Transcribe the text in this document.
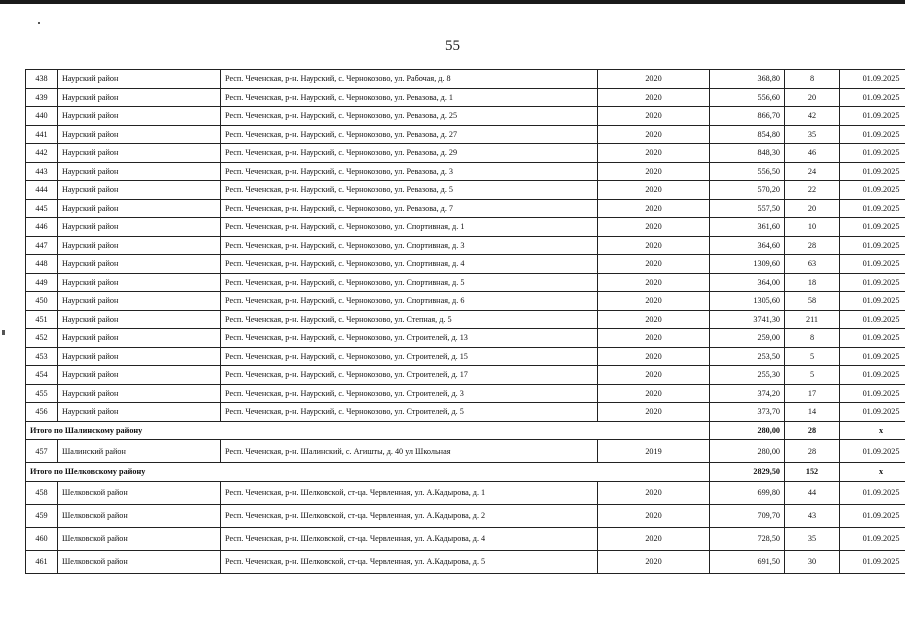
55
438	Наурский район	Респ. Чеченская, р-н. Наурский, с. Чернокозово, ул. Рабочая, д. 8	2020	368,80	8	01.09.2025
439	Наурский район	Респ. Чеченская, р-н. Наурский, с. Чернокозово, ул. Ревазова, д. 1	2020	556,60	20	01.09.2025
440	Наурский район	Респ. Чеченская, р-н. Наурский, с. Чернокозово, ул. Ревазова, д. 25	2020	866,70	42	01.09.2025
441	Наурский район	Респ. Чеченская, р-н. Наурский, с. Чернокозово, ул. Ревазова, д. 27	2020	854,80	35	01.09.2025
442	Наурский район	Респ. Чеченская, р-н. Наурский, с. Чернокозово, ул. Ревазова, д. 29	2020	848,30	46	01.09.2025
443	Наурский район	Респ. Чеченская, р-н. Наурский, с. Чернокозово, ул. Ревазова, д. 3	2020	556,50	24	01.09.2025
444	Наурский район	Респ. Чеченская, р-н. Наурский, с. Чернокозово, ул. Ревазова, д. 5	2020	570,20	22	01.09.2025
445	Наурский район	Респ. Чеченская, р-н. Наурский, с. Чернокозово, ул. Ревазова, д. 7	2020	557,50	20	01.09.2025
446	Наурский район	Респ. Чеченская, р-н. Наурский, с. Чернокозово, ул. Спортивная, д. 1	2020	361,60	10	01.09.2025
447	Наурский район	Респ. Чеченская, р-н. Наурский, с. Чернокозово, ул. Спортивная, д. 3	2020	364,60	28	01.09.2025
448	Наурский район	Респ. Чеченская, р-н. Наурский, с. Чернокозово, ул. Спортивная, д. 4	2020	1309,60	63	01.09.2025
449	Наурский район	Респ. Чеченская, р-н. Наурский, с. Чернокозово, ул. Спортивная, д. 5	2020	364,00	18	01.09.2025
450	Наурский район	Респ. Чеченская, р-н. Наурский, с. Чернокозово, ул. Спортивная, д. 6	2020	1305,60	58	01.09.2025
451	Наурский район	Респ. Чеченская, р-н. Наурский, с. Чернокозово, ул. Степная, д. 5	2020	3741,30	211	01.09.2025
452	Наурский район	Респ. Чеченская, р-н. Наурский, с. Чернокозово, ул. Строителей, д. 13	2020	259,00	8	01.09.2025
453	Наурский район	Респ. Чеченская, р-н. Наурский, с. Чернокозово, ул. Строителей, д. 15	2020	253,50	5	01.09.2025
454	Наурский район	Респ. Чеченская, р-н. Наурский, с. Чернокозово, ул. Строителей, д. 17	2020	255,30	5	01.09.2025
455	Наурский район	Респ. Чеченская, р-н. Наурский, с. Чернокозово, ул. Строителей, д. 3	2020	374,20	17	01.09.2025
456	Наурский район	Респ. Чеченская, р-н. Наурский, с. Чернокозово, ул. Строителей, д. 5	2020	373,70	14	01.09.2025
Итого по Шалинскому району				280,00	28	x
457	Шалинский район	Респ. Чеченская, р-н. Шалинский, с. Агишты, д. 40 ул Школьная	2019	280,00	28	01.09.2025
Итого по Шелковскому району				2829,50	152	x
458	Шелковской район	Респ. Чеченская, р-н. Шелковской, ст-ца. Червленная, ул. А.Кадырова, д. 1	2020	699,80	44	01.09.2025
459	Шелковской район	Респ. Чеченская, р-н. Шелковской, ст-ца. Червленная, ул. А.Кадырова, д. 2	2020	709,70	43	01.09.2025
460	Шелковской район	Респ. Чеченская, р-н. Шелковской, ст-ца. Червленная, ул. А.Кадырова, д. 4	2020	728,50	35	01.09.2025
461	Шелковской район	Респ. Чеченская, р-н. Шелковской, ст-ца. Червленная, ул. А.Кадырова, д. 5	2020	691,50	30	01.09.2025
